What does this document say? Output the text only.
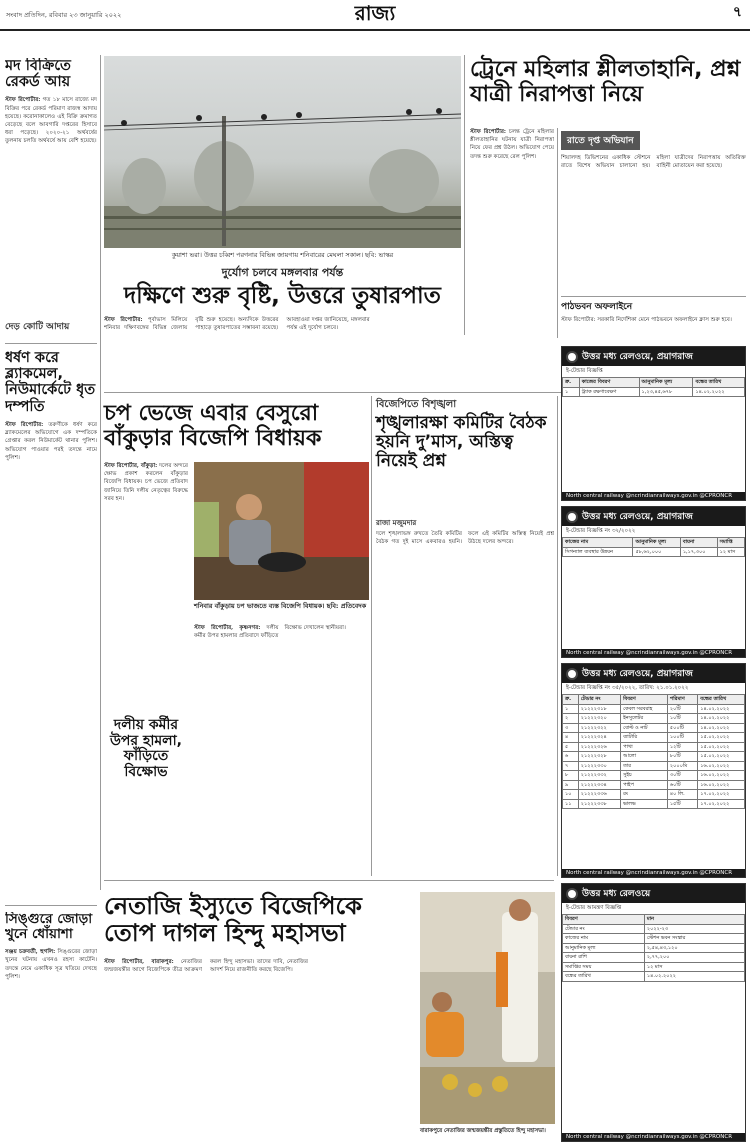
সংবাদ প্রতিদিন, রবিবার ২৩ জানুয়ারি ২০২২	রাজ্য	৭
মদ বিক্রিতে রেকর্ড আয়

স্টাফ রিপোর্টার: গত ১৮ মাসে রাজ্যে মদ বিক্রির পরে রেকর্ড পরিমাণ রাজস্ব আদায় হয়েছে। করোনাকালেও এই বিক্রি ক্রমাগত বেড়েছে বলে আবগারি দপ্তরের হিসাবে ধরা পড়েছে। ২০২০-২১ অর্থবর্ষের তুলনায় চলতি অর্থবর্ষে আয় বেশি হয়েছে।

দেড় কোটি আদায়
ধর্ষণ করে ব্ল্যাকমেল, নিউমার্কেটে ধৃত দম্পতি

স্টাফ রিপোর্টার: তরুণীকে ধর্ষণ করে ব্ল্যাকমেলের অভিযোগে এক দম্পতিকে গ্রেপ্তার করল নিউমার্কেট থানার পুলিশ। অভিযোগ পাওয়ার পরই তদন্তে নামে পুলিশ।

সিঙ্গুরে জোড়া খুনে ধোঁয়াশা

সঞ্জয় চক্রবর্তী, হুগলি: সিঙ্গুরের জোড়া খুনের ঘটনায় এখনও রহস্য কাটেনি। তদন্তে নেমে একাধিক সূত্র খতিয়ে দেখছে পুলিশ।

কুয়াশা ভরা। উত্তর চব্বিশ পরগনার বিভিন্ন জায়গায় শনিবারের মেঘলা সকাল। ছবি: ভাস্কর
দুর্যোগ চলবে মঙ্গলবার পর্যন্ত
দক্ষিণে শুরু বৃষ্টি, উত্তরে তুষারপাত

স্টাফ রিপোর্টার: পূর্বাভাস মিলিয়ে শনিবার দক্ষিণবঙ্গের বিভিন্ন জেলায় বৃষ্টি শুরু হয়েছে। অন্যদিকে উত্তরের পাহাড়ে তুষারপাতের সম্ভাবনা রয়েছে। আবহাওয়া দপ্তর জানিয়েছে, মঙ্গলবার পর্যন্ত এই দুর্যোগ চলবে।

ট্রেনে মহিলার শ্লীলতাহানি, প্রশ্ন যাত্রী নিরাপত্তা নিয়ে

স্টাফ রিপোর্টার: চলন্ত ট্রেনে মহিলার শ্লীলতাহানির ঘটনায় যাত্রী নিরাপত্তা নিয়ে ফের প্রশ্ন উঠল। অভিযোগ পেয়ে তদন্ত শুরু করেছে রেল পুলিশ।

রাতে দৃপ্ত অভিযান
শিয়ালদহ ডিভিশনের একাধিক স্টেশনে রাতে বিশেষ অভিযান চালানো হয়। মহিলা যাত্রীদের নিরাপত্তায় অতিরিক্ত বাহিনী মোতায়েন করা হয়েছে।
পাঠভবন অফলাইনে
স্টাফ রিপোর্টার: সরকারি নির্দেশিকা মেনে পাঠভবনে অফলাইনে ক্লাস শুরু হবে।
চপ ভেজে এবার বেসুরো বাঁকুড়ার বিজেপি বিধায়ক

স্টাফ রিপোর্টার, বাঁকুড়া: দলের অন্দরে ক্ষোভ প্রকাশ করলেন বাঁকুড়ার বিজেপি বিধায়ক। চপ ভেজে প্রতিবাদ জানিয়ে তিনি দলীয় নেতৃত্বের বিরুদ্ধে সরব হন।

শনিবার বাঁকুড়ায় চপ ভাজতে ব্যস্ত বিজেপি বিধায়ক। ছবি: প্রতিবেদক
দলীয় কর্মীর উপর হামলা, ফাঁড়িতে বিক্ষোভ

স্টাফ রিপোর্টার, কৃষ্ণনগর: দলীয় কর্মীর উপর হামলার প্রতিবাদে ফাঁড়িতে বিক্ষোভ দেখালেন স্থানীয়রা।

বিজেপিতে বিশৃঙ্খলা
শৃঙ্খলারক্ষা কমিটির বৈঠক হয়নি দু’মাস, অস্তিত্ব নিয়েই প্রশ্ন
রাজা মজুমদার
দলে শৃঙ্খলাভঙ্গ রুখতে তৈরি কমিটির বৈঠক গত দুই মাসে একবারও হয়নি। ফলে এই কমিটির অস্তিত্ব নিয়েই প্রশ্ন উঠছে দলের অন্দরে।
নেতাজি ইস্যুতে বিজেপিকে তোপ দাগল হিন্দু মহাসভা

স্টাফ রিপোর্টার, বারাকপুর: নেতাজির জন্মজয়ন্তীর আগে বিজেপিকে তীব্র আক্রমণ করল হিন্দু মহাসভা। তাদের দাবি, নেতাজির আদর্শ নিয়ে রাজনীতি করছে বিজেপি।

বারাকপুরে নেতাজির জন্মজয়ন্তীর প্রস্তুতিতে হিন্দু মহাসভা।
উত্তর মধ্য রেলওয়ে, প্রয়াগরাজ
ই-টেন্ডার বিজ্ঞপ্তি
ক্র.	কাজের বিবরণ	আনুমানিক মূল্য	বন্ধের তারিখ
১	ট্র্যাক রক্ষণাবেক্ষণ	১,২৩,৪৫,৬৭৮	১৪.০২.২০২২
North central railway @ncrindianrailways.gov.in @CPRONCR
উত্তর মধ্য রেলওয়ে, প্রয়াগরাজ
ই-টেন্ডার বিজ্ঞপ্তি নং ৩২/২০২২
কাজের নাম	আনুমানিক মূল্য	বায়না	সমাপ্তি
সিগন্যাল ব্যবস্থার উন্নয়ন	৫৮,৬২,০০০	১,১৭,৩০০	১২ মাস
North central railway @ncrindianrailways.gov.in @CPRONCR
উত্তর মধ্য রেলওয়ে, প্রয়াগরাজ
ই-টেন্ডার বিজ্ঞপ্তি নং ৩৫/২০২২, তারিখ: ২১.০১.২০২২
ক্র.	টেন্ডার নং	বিবরণ	পরিমাণ	বন্ধের তারিখ
১	২১২২২৩১৮	কেবল সরবরাহ	২০টি	১৪.০২.২০২২
২	২১২২২৩২০	ইনসুলেটর	১০টি	১৪.০২.২০২২
৩	২১২২২৩২২	বোল্ট ও নাট	৫০০টি	১৪.০২.২০২২
৪	২১২২২৩২৪	ব্যাটারি	১০০টি	১৫.০২.২০২২
৫	২১২২২৩২৬	পাখা	১২টি	১৫.০২.২০২২
৬	২১২২২৩২৮	আলো	৮০টি	১৫.০২.২০২২
৭	২১২২২৩৩০	তার	২০০০মি	১৬.০২.২০২২
৮	২১২২২৩৩২	সুইচ	৩০টি	১৬.০২.২০২২
৯	২১২২২৩৩৪	পাইপ	৬০টি	১৬.০২.২০২২
১০	২১২২২৩৩৬	রং	৪০ লি.	১৭.০২.২০২২
১১	২১২২২৩৩৮	ভালভ	১৫টি	১৭.০২.২০২২
North central railway @ncrindianrailways.gov.in @CPRONCR
উত্তর মধ্য রেলওয়ে
ই-টেন্ডার আমন্ত্রণ বিজ্ঞপ্তি
বিবরণ	মান
টেন্ডার নং	২০২২-২৩
কাজের নাম	স্টেশন ভবন সংস্কার
আনুমানিক মূল্য	২,৫৪,৪৩,১২০
বায়না রাশি	২,৭৭,২০০
সমাপ্তির সময়	১২ মাস
বন্ধের তারিখ	১৪.০২.২০২২
North central railway @ncrindianrailways.gov.in @CPRONCR
